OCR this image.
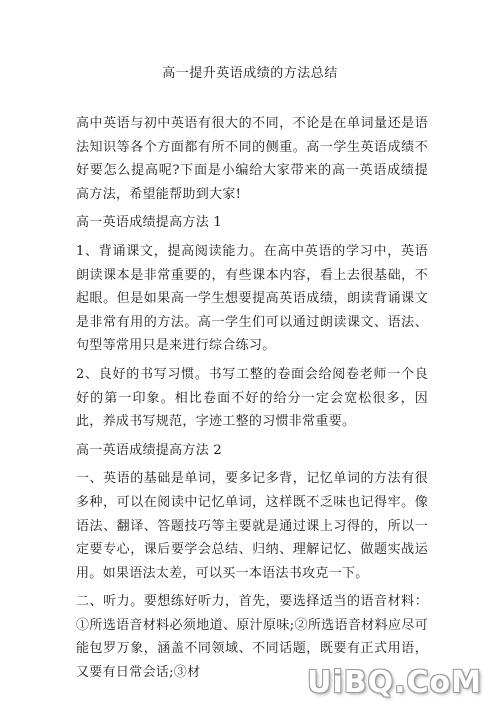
高一提升英语成绩的方法总结

高中英语与初中英语有很大的不同，不论是在单词量还是语法知识等各个方面都有所不同的侧重。高一学生英语成绩不好要怎么提高呢?下面是小编给大家带来的高一英语成绩提高方法，希望能帮助到大家!

高一英语成绩提高方法 1

1、背诵课文，提高阅读能力。在高中英语的学习中，英语朗读课本是非常重要的，有些课本内容，看上去很基础，不起眼。但是如果高一学生想要提高英语成绩，朗读背诵课文是非常有用的方法。高一学生们可以通过朗读课文、语法、句型等常用只是来进行综合练习。

2、良好的书写习惯。书写工整的卷面会给阅卷老师一个良好的第一印象。相比卷面不好的给分一定会宽松很多，因此，养成书写规范，字迹工整的习惯非常重要。

高一英语成绩提高方法 2

一、英语的基础是单词，要多记多背，记忆单词的方法有很多种，可以在阅读中记忆单词，这样既不乏味也记得牢。像语法、翻译、答题技巧等主要就是通过课上习得的，所以一定要专心，课后要学会总结、归纳、理解记忆、做题实战运用。如果语法太差，可以买一本语法书攻克一下。

二、听力。要想练好听力，首先，要选择适当的语音材料：①所选语音材料必须地道、原汁原味;②所选语音材料应尽可能包罗万象，涵盖不同领域、不同话题，既要有正式用语，又要有日常会话;③材	UiBQ.CoM
